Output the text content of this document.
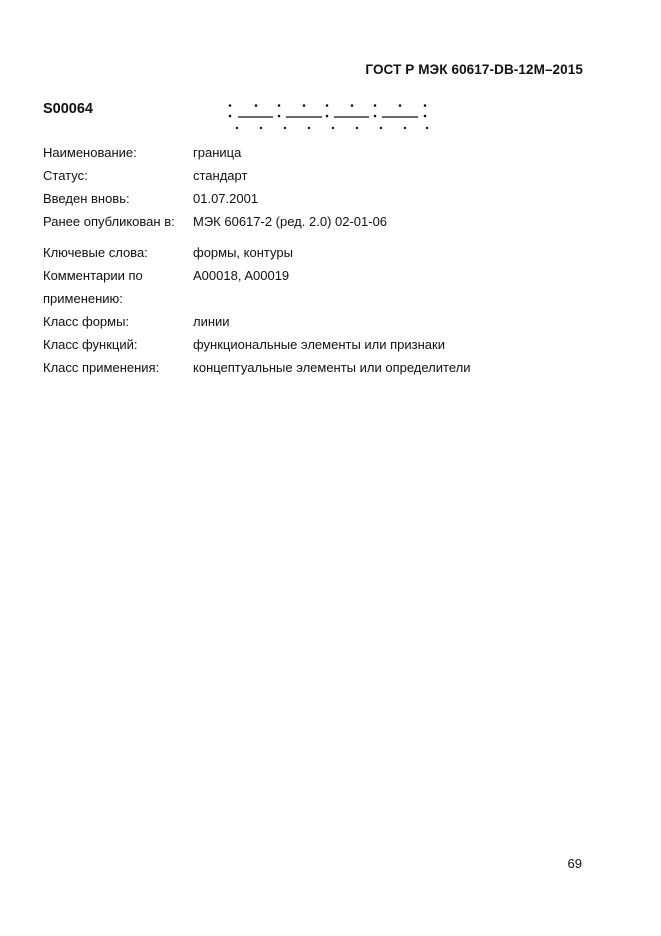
ГОСТ Р МЭК 60617-DB-12M–2015
S00064
Наименование:	граница
Статус:	стандарт
Введен вновь:	01.07.2001
Ранее опубликован в:	МЭК 60617-2 (ред. 2.0) 02-01-06
Ключевые слова:	формы, контуры
Комментарии по применению:
A00018, A00019
Класс формы:	линии
Класс функций:	функциональные элементы или признаки
Класс применения:	концептуальные элементы или определители
69
